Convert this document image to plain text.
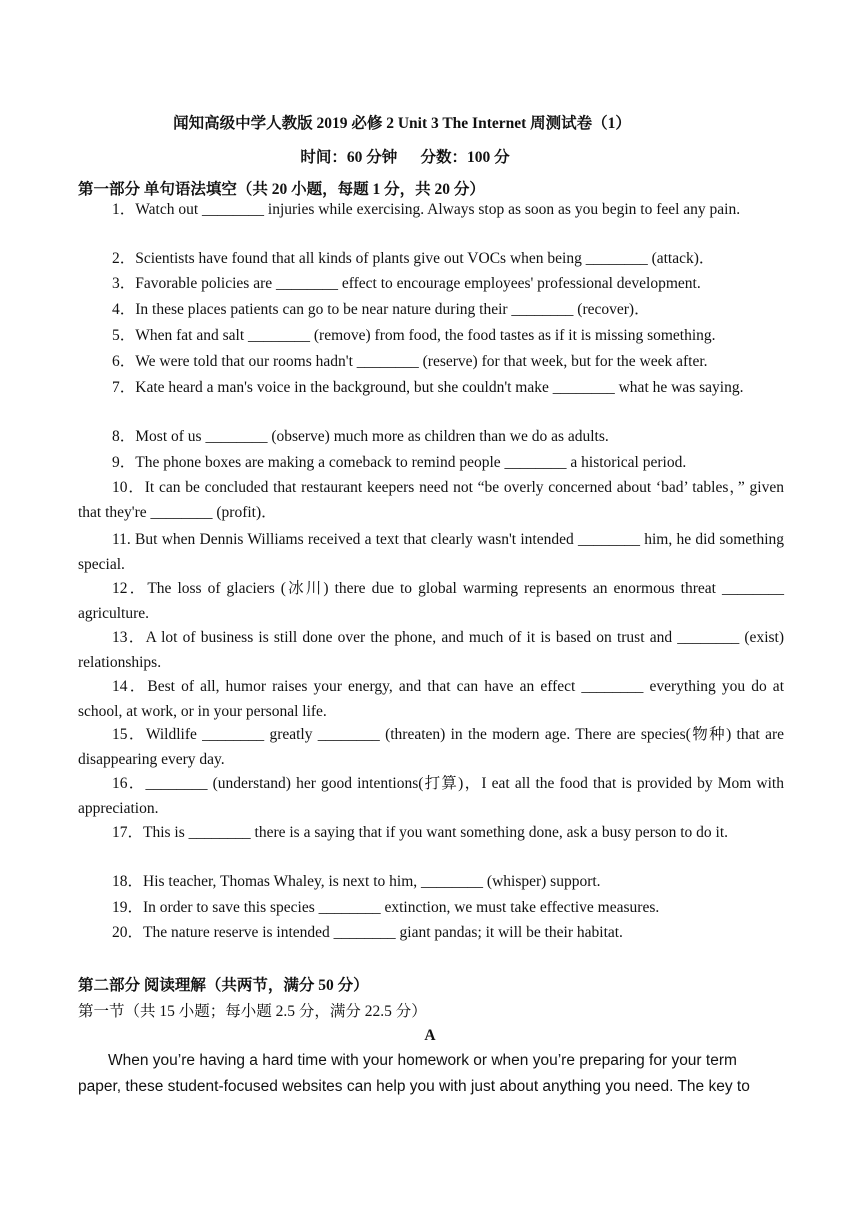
闻知高级中学人教版 2019 必修 2 Unit 3 The Internet 周测试卷（1）
时间：60 分钟      分数：100 分
第一部分 单句语法填空（共 20 小题，每题 1 分，共 20 分）
1．Watch out ________ injuries while exercising. Always stop as soon as you begin to feel any pain.
2．Scientists have found that all kinds of plants give out VOCs when being ________ (attack)．
3．Favorable policies are ________ effect to encourage employees' professional development.
4．In these places patients can go to be near nature during their ________ (recover)．
5．When fat and salt ________ (remove) from food, the food tastes as if it is missing something.
6．We were told that our rooms hadn't ________ (reserve) for that week, but for the week after.
7．Kate heard a man's voice in the background, but she couldn't make ________ what he was saying.
8．Most of us ________ (observe) much more as children than we do as adults.
9．The phone boxes are making a comeback to remind people ________ a historical period.
10．It can be concluded that restaurant keepers need not “be overly concerned about ‘bad’ tables，” given that they're ________ (profit)．
11. But when Dennis Williams received a text that clearly wasn't intended ________ him, he did something special.
12．The loss of glaciers (冰川) there due to global warming represents an enormous threat ________ agriculture.
13．A lot of business is still done over the phone, and much of it is based on trust and ________ (exist) relationships.
14．Best of all, humor raises your energy, and that can have an effect ________ everything you do at school, at work, or in your personal life.
15．Wildlife ________ greatly ________ (threaten) in the modern age. There are species(物种) that are disappearing every day.
16．________ (understand) her good intentions(打算)，I eat all the food that is provided by Mom with appreciation.
17．This is ________ there is a saying that if you want something done, ask a busy person to do it.
18．His teacher, Thomas Whaley, is next to him, ________ (whisper) support.
19．In order to save this species ________ extinction, we must take effective measures.
20．The nature reserve is intended ________ giant pandas; it will be their habitat.
第二部分 阅读理解（共两节，满分 50 分）
第一节（共 15 小题；每小题 2.5 分，满分 22.5 分）
A
When you’re having a hard time with your homework or when you’re preparing for your term paper, these student-focused websites can help you with just about anything you need. The key to
